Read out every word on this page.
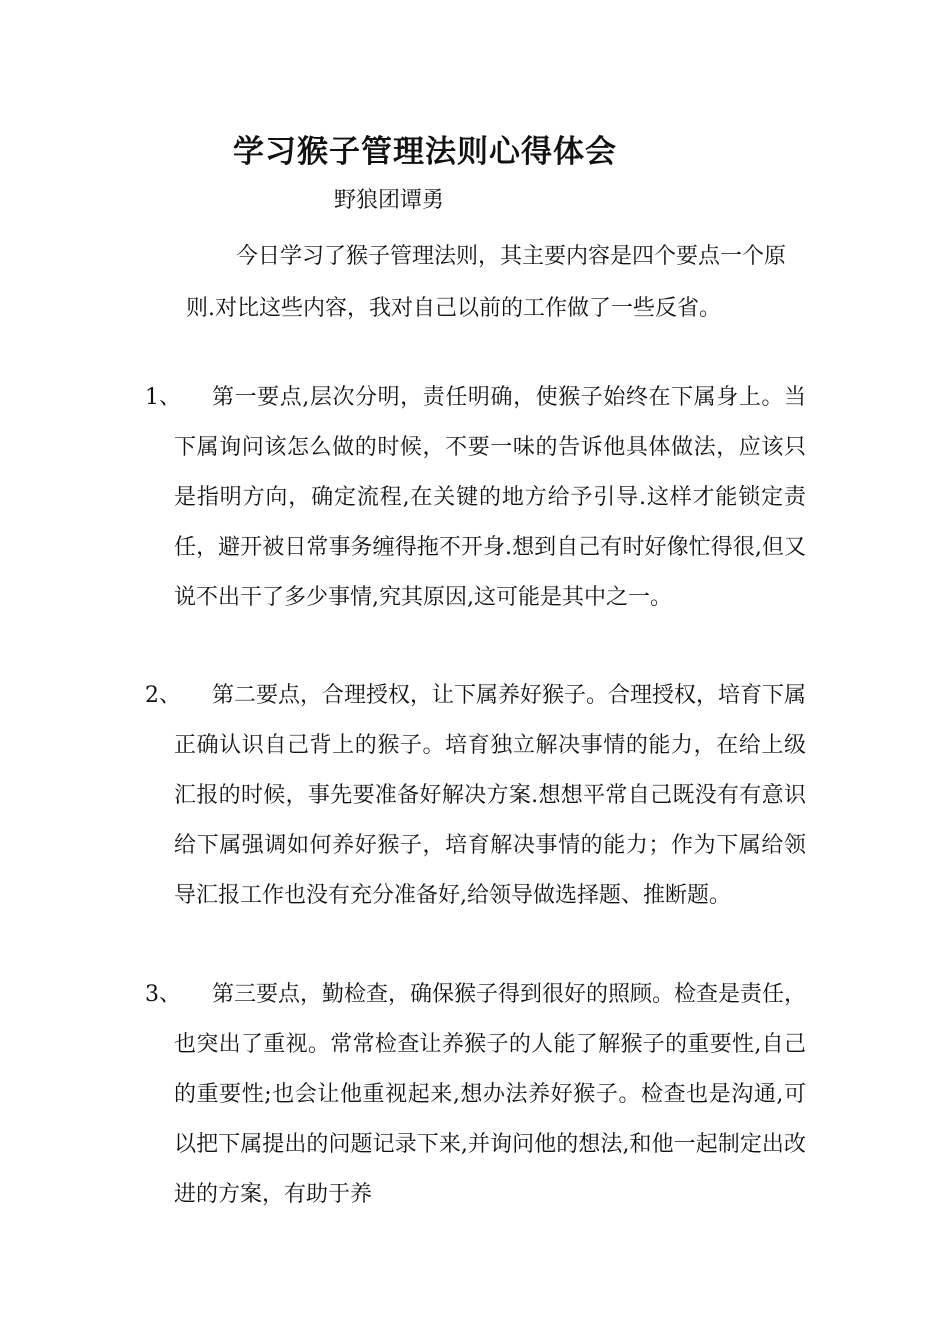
学习猴子管理法则心得体会
野狼团谭勇

今日学习了猴子管理法则，其主要内容是四个要点一个原则.对比这些内容，我对自己以前的工作做了一些反省。

1、	第一要点,层次分明，责任明确，使猴子始终在下属身上。当下属询问该怎么做的时候，不要一味的告诉他具体做法，应该只是指明方向，确定流程,在关键的地方给予引导.这样才能锁定责任，避开被日常事务缠得拖不开身.想到自己有时好像忙得很,但又说不出干了多少事情,究其原因,这可能是其中之一。

2、	第二要点，合理授权，让下属养好猴子。合理授权，培育下属正确认识自己背上的猴子。培育独立解决事情的能力，在给上级汇报的时候，事先要准备好解决方案.想想平常自己既没有有意识给下属强调如何养好猴子，培育解决事情的能力；作为下属给领导汇报工作也没有充分准备好,给领导做选择题、推断题。

3、	第三要点，勤检查，确保猴子得到很好的照顾。检查是责任，也突出了重视。常常检查让养猴子的人能了解猴子的重要性,自己的重要性;也会让他重视起来,想办法养好猴子。检查也是沟通,可以把下属提出的问题记录下来,并询问他的想法,和他一起制定出改进的方案，有助于养
